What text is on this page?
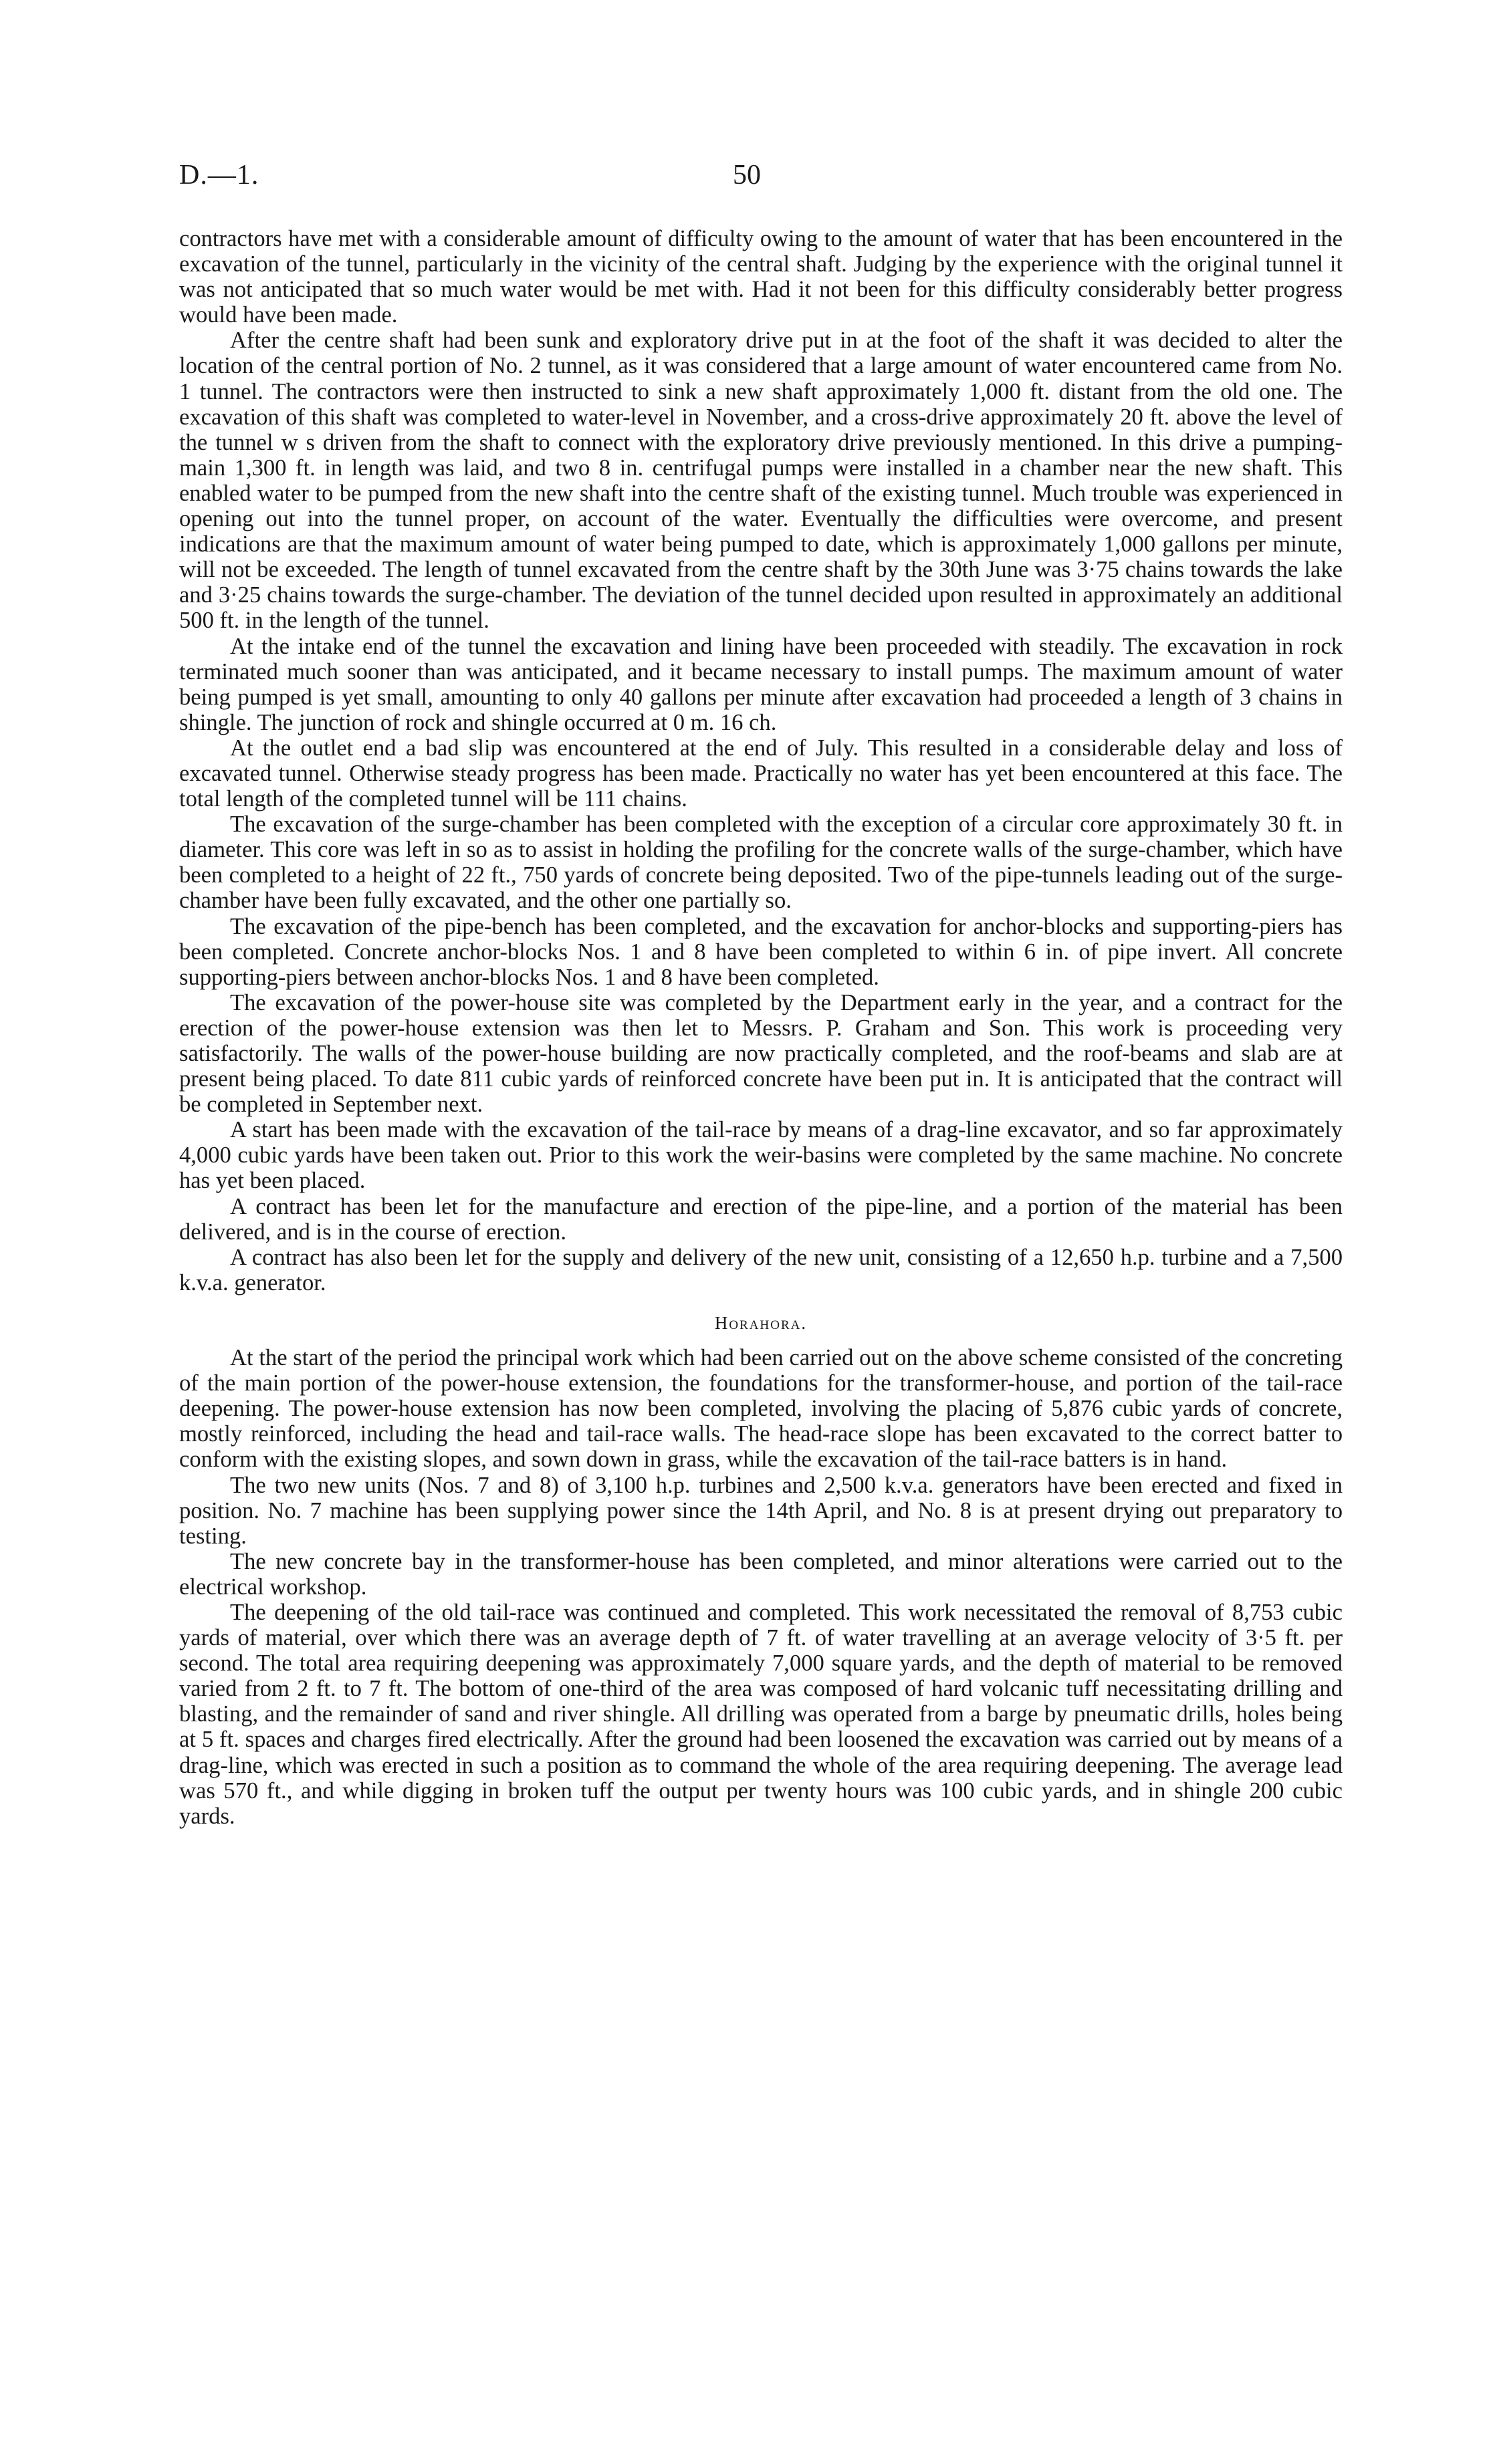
D.—1.	50

contractors have met with a considerable amount of difficulty owing to the amount of water that has been encountered in the excavation of the tunnel, particularly in the vicinity of the central shaft. Judging by the experience with the original tunnel it was not anticipated that so much water would be met with. Had it not been for this difficulty considerably better progress would have been made.

After the centre shaft had been sunk and exploratory drive put in at the foot of the shaft it was decided to alter the location of the central portion of No. 2 tunnel, as it was considered that a large amount of water encountered came from No. 1 tunnel. The contractors were then instructed to sink a new shaft approximately 1,000 ft. distant from the old one. The excavation of this shaft was completed to water-level in November, and a cross-drive approximately 20 ft. above the level of the tunnel w s driven from the shaft to connect with the exploratory drive previously mentioned. In this drive a pumping-main 1,300 ft. in length was laid, and two 8 in. centrifugal pumps were installed in a chamber near the new shaft. This enabled water to be pumped from the new shaft into the centre shaft of the existing tunnel. Much trouble was experienced in opening out into the tunnel proper, on account of the water. Eventually the difficulties were overcome, and present indications are that the maximum amount of water being pumped to date, which is approximately 1,000 gallons per minute, will not be exceeded. The length of tunnel excavated from the centre shaft by the 30th June was 3·75 chains towards the lake and 3·25 chains towards the surge-chamber. The deviation of the tunnel decided upon resulted in approximately an additional 500 ft. in the length of the tunnel.

At the intake end of the tunnel the excavation and lining have been proceeded with steadily. The excavation in rock terminated much sooner than was anticipated, and it became necessary to install pumps. The maximum amount of water being pumped is yet small, amounting to only 40 gallons per minute after excavation had proceeded a length of 3 chains in shingle. The junction of rock and shingle occurred at 0 m. 16 ch.

At the outlet end a bad slip was encountered at the end of July. This resulted in a considerable delay and loss of excavated tunnel. Otherwise steady progress has been made. Practically no water has yet been encountered at this face. The total length of the completed tunnel will be 111 chains.

The excavation of the surge-chamber has been completed with the exception of a circular core approximately 30 ft. in diameter. This core was left in so as to assist in holding the profiling for the concrete walls of the surge-chamber, which have been completed to a height of 22 ft., 750 yards of concrete being deposited. Two of the pipe-tunnels leading out of the surge-chamber have been fully excavated, and the other one partially so.

The excavation of the pipe-bench has been completed, and the excavation for anchor-blocks and supporting-piers has been completed. Concrete anchor-blocks Nos. 1 and 8 have been completed to within 6 in. of pipe invert. All concrete supporting-piers between anchor-blocks Nos. 1 and 8 have been completed.

The excavation of the power-house site was completed by the Department early in the year, and a contract for the erection of the power-house extension was then let to Messrs. P. Graham and Son. This work is proceeding very satisfactorily. The walls of the power-house building are now practically completed, and the roof-beams and slab are at present being placed. To date 811 cubic yards of reinforced concrete have been put in. It is anticipated that the contract will be completed in September next.

A start has been made with the excavation of the tail-race by means of a drag-line excavator, and so far approximately 4,000 cubic yards have been taken out. Prior to this work the weir-basins were completed by the same machine. No concrete has yet been placed.

A contract has been let for the manufacture and erection of the pipe-line, and a portion of the material has been delivered, and is in the course of erection.

A contract has also been let for the supply and delivery of the new unit, consisting of a 12,650 h.p. turbine and a 7,500 k.v.a. generator.

Horahora.

At the start of the period the principal work which had been carried out on the above scheme consisted of the concreting of the main portion of the power-house extension, the foundations for the transformer-house, and portion of the tail-race deepening. The power-house extension has now been completed, involving the placing of 5,876 cubic yards of concrete, mostly reinforced, including the head and tail-race walls. The head-race slope has been excavated to the correct batter to conform with the existing slopes, and sown down in grass, while the excavation of the tail-race batters is in hand.

The two new units (Nos. 7 and 8) of 3,100 h.p. turbines and 2,500 k.v.a. generators have been erected and fixed in position. No. 7 machine has been supplying power since the 14th April, and No. 8 is at present drying out preparatory to testing.

The new concrete bay in the transformer-house has been completed, and minor alterations were carried out to the electrical workshop.

The deepening of the old tail-race was continued and completed. This work necessitated the removal of 8,753 cubic yards of material, over which there was an average depth of 7 ft. of water travelling at an average velocity of 3·5 ft. per second. The total area requiring deepening was approximately 7,000 square yards, and the depth of material to be removed varied from 2 ft. to 7 ft. The bottom of one-third of the area was composed of hard volcanic tuff necessitating drilling and blasting, and the remainder of sand and river shingle. All drilling was operated from a barge by pneumatic drills, holes being at 5 ft. spaces and charges fired electrically. After the ground had been loosened the excavation was carried out by means of a drag-line, which was erected in such a position as to command the whole of the area requiring deepening. The average lead was 570 ft., and while digging in broken tuff the output per twenty hours was 100 cubic yards, and in shingle 200 cubic yards.
